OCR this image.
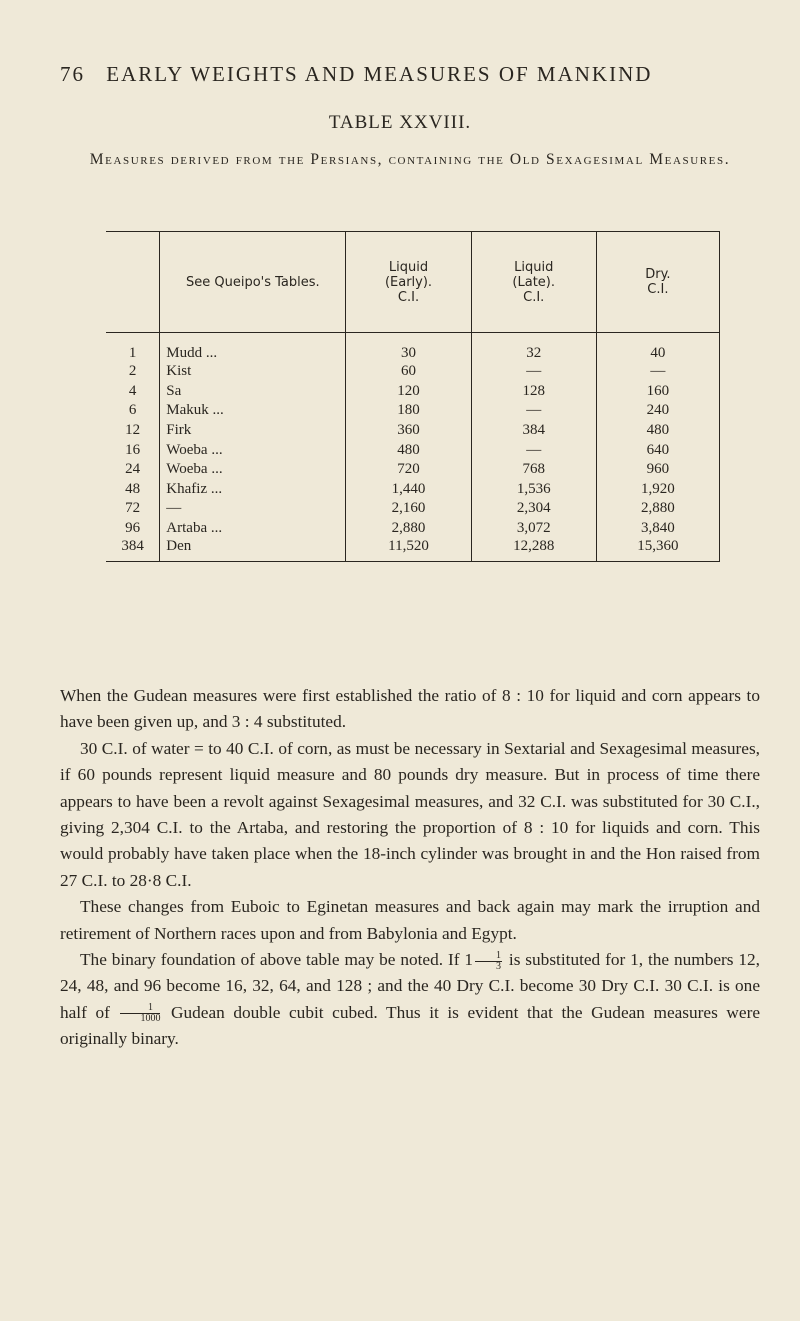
76 EARLY WEIGHTS AND MEASURES OF MANKIND
TABLE XXVIII.
Measures derived from the Persians, containing the Old Sexagesimal Measures.
	See Queipo's Tables.	Liquid
(Early).
C.I.	Liquid
(Late).
C.I.	Dry.
C.I.
1	Mudd ...	30	32	40
2	Kist	60	—	—
4	Sa	120	128	160
6	Makuk ...	180	—	240
12	Firk	360	384	480
16	Woeba ...	480	—	640
24	Woeba ...	720	768	960
48	Khafiz ...	1,440	1,536	1,920
72	—	2,160	2,304	2,880
96	Artaba ...	2,880	3,072	3,840
384	Den	11,520	12,288	15,360

When the Gudean measures were first established the ratio of 8 : 10 for liquid and corn appears to have been given up, and 3 : 4 substituted.

30 C.I. of water = to 40 C.I. of corn, as must be necessary in Sextarial and Sexagesimal measures, if 60 pounds represent liquid measure and 80 pounds dry measure. But in process of time there appears to have been a revolt against Sexagesimal measures, and 32 C.I. was substituted for 30 C.I., giving 2,304 C.I. to the Artaba, and restoring the proportion of 8 : 10 for liquids and corn. This would probably have taken place when the 18-inch cylinder was brought in and the Hon raised from 27 C.I. to 28·8 C.I.

These changes from Euboic to Eginetan measures and back again may mark the irruption and retirement of Northern races upon and from Babylonia and Egypt.

The binary foundation of above table may be noted. If $1 \frac{1}{3}$ is substituted for 1, the numbers 12, 24, 48, and 96 become 16, 32, 64, and 128 ; and the 40 Dry C.I. become 30 Dry C.I. 30 C.I. is one half of $\frac{1}{1000}$ Gudean double cubit cubed. Thus it is evident that the Gudean measures were originally binary.
